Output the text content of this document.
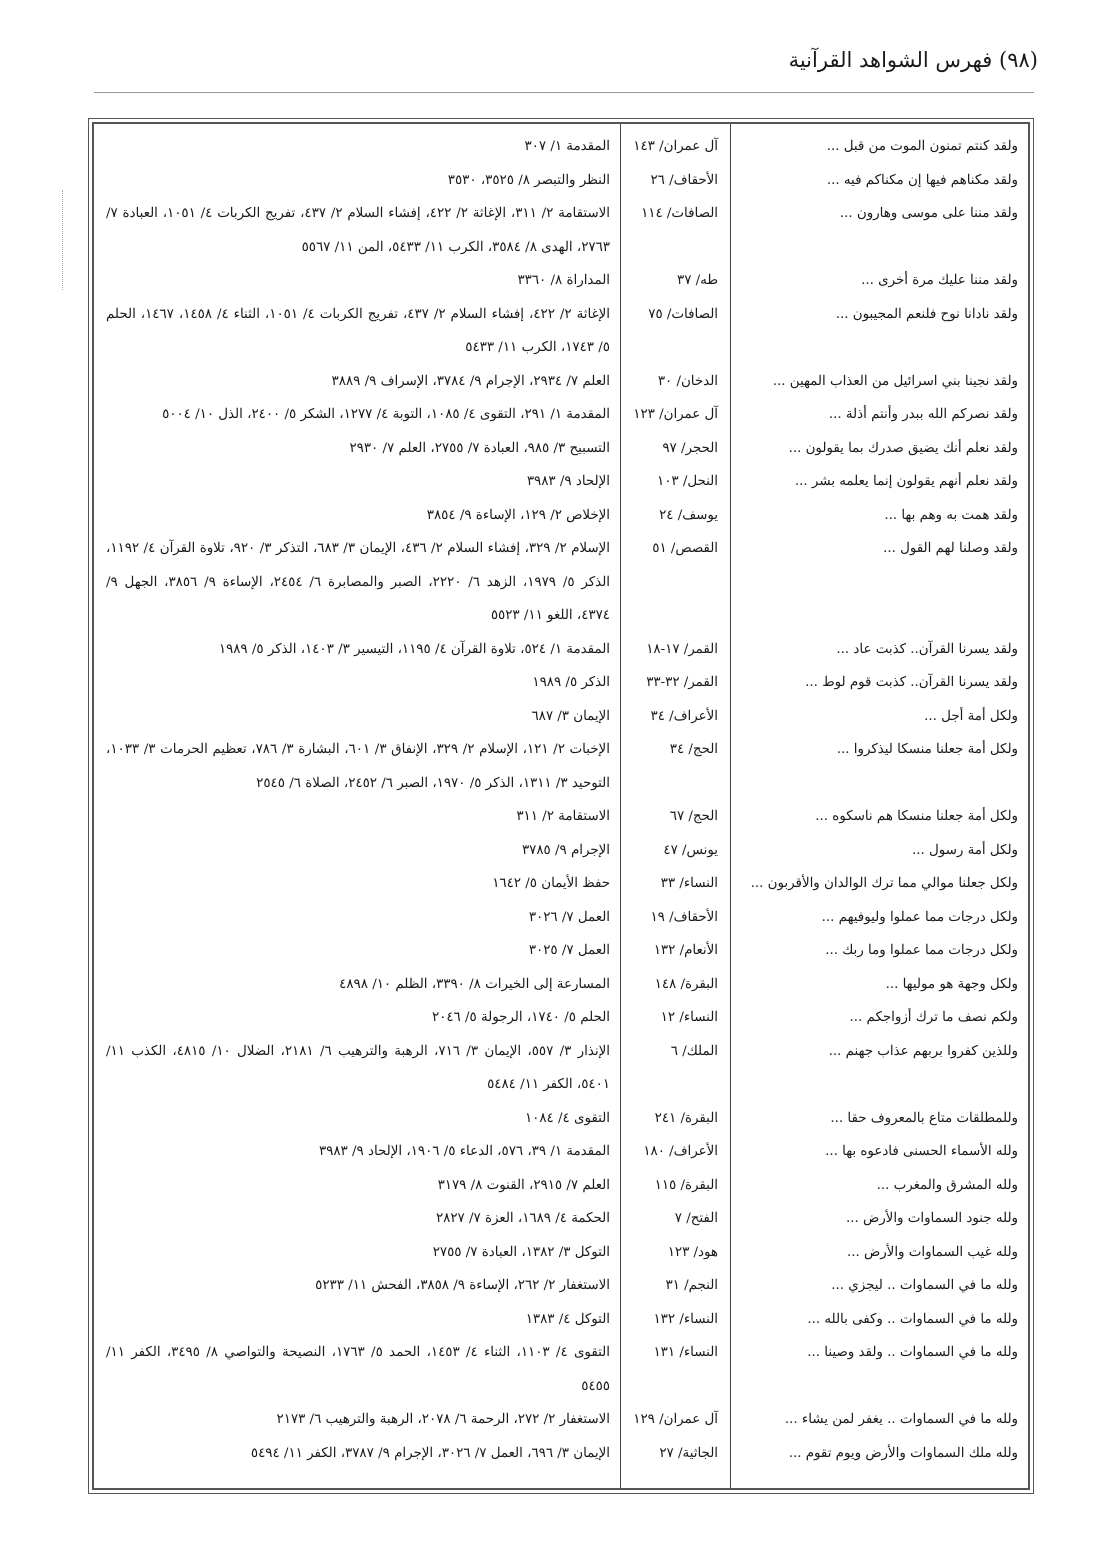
(٩٨) فهرس الشواهد القرآنية
ولقد كنتم تمنون الموت من قبل ...
آل عمران/ ١٤٣
المقدمة ١/ ٣٠٧
ولقد مكناهم فيها إن مكناكم فيه ...
الأحقاف/ ٢٦
النظر والتبصر ٨/ ٣٥٢٥، ٣٥٣٠
ولقد مننا على موسى وهارون ...
الصافات/ ١١٤
الاستقامة ٢/ ٣١١، الإغاثة ٢/ ٤٢٢، إفشاء السلام ٢/ ٤٣٧، تفريج الكربات ٤/ ١٠٥١، العبادة ٧/ ٢٧٦٣، الهدى ٨/ ٣٥٨٤، الكرب ١١/ ٥٤٣٣، المن ١١/ ٥٥٦٧
ولقد مننا عليك مرة أخرى ...
طه/ ٣٧
المداراة ٨/ ٣٣٦٠
ولقد نادانا نوح فلنعم المجيبون ...
الصافات/ ٧٥
الإغاثة ٢/ ٤٢٢، إفشاء السلام ٢/ ٤٣٧، تفريج الكربات ٤/ ١٠٥١، الثناء ٤/ ١٤٥٨، ١٤٦٧، الحلم ٥/ ١٧٤٣، الكرب ١١/ ٥٤٣٣
ولقد نجينا بني اسرائيل من العذاب المهين ...
الدخان/ ٣٠
العلم ٧/ ٢٩٣٤، الإجرام ٩/ ٣٧٨٤، الإسراف ٩/ ٣٨٨٩
ولقد نصركم الله ببدر وأنتم أذلة ...
آل عمران/ ١٢٣
المقدمة ١/ ٢٩١، التقوى ٤/ ١٠٨٥، التوبة ٤/ ١٢٧٧، الشكر ٥/ ٢٤٠٠، الذل ١٠/ ٥٠٠٤
ولقد نعلم أنك يضيق صدرك بما يقولون ...
الحجر/ ٩٧
التسبيح ٣/ ٩٨٥، العبادة ٧/ ٢٧٥٥، العلم ٧/ ٢٩٣٠
ولقد نعلم أنهم يقولون إنما يعلمه بشر ...
النحل/ ١٠٣
الإلحاد ٩/ ٣٩٨٣
ولقد همت به وهم بها ...
يوسف/ ٢٤
الإخلاص ٢/ ١٢٩، الإساءة ٩/ ٣٨٥٤
ولقد وصلنا لهم القول ...
القصص/ ٥١
الإسلام ٢/ ٣٢٩، إفشاء السلام ٢/ ٤٣٦، الإيمان ٣/ ٦٨٣، التذكر ٣/ ٩٢٠، تلاوة القرآن ٤/ ١١٩٢، الذكر ٥/ ١٩٧٩، الزهد ٦/ ٢٢٢٠، الصبر والمصابرة ٦/ ٢٤٥٤، الإساءة ٩/ ٣٨٥٦، الجهل ٩/ ٤٣٧٤، اللغو ١١/ ٥٥٢٣
ولقد يسرنا القرآن.. كذبت عاد ...
القمر/ ١٧-١٨
المقدمة ١/ ٥٢٤، تلاوة القرآن ٤/ ١١٩٥، التيسير ٣/ ١٤٠٣، الذكر ٥/ ١٩٨٩
ولقد يسرنا القرآن.. كذبت قوم لوط ...
القمر/ ٣٢-٣٣
الذكر ٥/ ١٩٨٩
ولكل أمة أجل ...
الأعراف/ ٣٤
الإيمان ٣/ ٦٨٧
ولكل أمة جعلنا منسكا ليذكروا ...
الحج/ ٣٤
الإخبات ٢/ ١٢١، الإسلام ٢/ ٣٢٩، الإنفاق ٣/ ٦٠١، البشارة ٣/ ٧٨٦، تعظيم الحرمات ٣/ ١٠٣٣، التوحيد ٣/ ١٣١١، الذكر ٥/ ١٩٧٠، الصبر ٦/ ٢٤٥٢، الصلاة ٦/ ٢٥٤٥
ولكل أمة جعلنا منسكا هم ناسكوه ...
الحج/ ٦٧
الاستقامة ٢/ ٣١١
ولكل أمة رسول ...
يونس/ ٤٧
الإجرام ٩/ ٣٧٨٥
ولكل جعلنا موالي مما ترك الوالدان والأقربون ...
النساء/ ٣٣
حفظ الأيمان ٥/ ١٦٤٢
ولكل درجات مما عملوا وليوفيهم ...
الأحقاف/ ١٩
العمل ٧/ ٣٠٢٦
ولكل درجات مما عملوا وما ربك ...
الأنعام/ ١٣٢
العمل ٧/ ٣٠٢٥
ولكل وجهة هو موليها ...
البقرة/ ١٤٨
المسارعة إلى الخيرات ٨/ ٣٣٩٠، الظلم ١٠/ ٤٨٩٨
ولكم نصف ما ترك أزواجكم ...
النساء/ ١٢
الحلم ٥/ ١٧٤٠، الرجولة ٥/ ٢٠٤٦
وللذين كفروا بربهم عذاب جهنم ...
الملك/ ٦
الإنذار ٣/ ٥٥٧، الإيمان ٣/ ٧١٦، الرهبة والترهيب ٦/ ٢١٨١، الضلال ١٠/ ٤٨١٥، الكذب ١١/ ٥٤٠١، الكفر ١١/ ٥٤٨٤
وللمطلقات متاع بالمعروف حقا ...
البقرة/ ٢٤١
التقوى ٤/ ١٠٨٤
ولله الأسماء الحسنى فادعوه بها ...
الأعراف/ ١٨٠
المقدمة ١/ ٣٩، ٥٧٦، الدعاء ٥/ ١٩٠٦، الإلحاد ٩/ ٣٩٨٣
ولله المشرق والمغرب ...
البقرة/ ١١٥
العلم ٧/ ٢٩١٥، القنوت ٨/ ٣١٧٩
ولله جنود السماوات والأرض ...
الفتح/ ٧
الحكمة ٤/ ١٦٨٩، العزة ٧/ ٢٨٢٧
ولله غيب السماوات والأرض ...
هود/ ١٢٣
التوكل ٣/ ١٣٨٢، العبادة ٧/ ٢٧٥٥
ولله ما في السماوات .. ليجزي ...
النجم/ ٣١
الاستغفار ٢/ ٢٦٢، الإساءة ٩/ ٣٨٥٨، الفحش ١١/ ٥٢٣٣
ولله ما في السماوات .. وكفى بالله ...
النساء/ ١٣٢
التوكل ٤/ ١٣٨٣
ولله ما في السماوات .. ولقد وصينا ...
النساء/ ١٣١
التقوى ٤/ ١١٠٣، الثناء ٤/ ١٤٥٣، الحمد ٥/ ١٧٦٣، النصيحة والتواصي ٨/ ٣٤٩٥، الكفر ١١/ ٥٤٥٥
ولله ما في السماوات .. يغفر لمن يشاء ...
آل عمران/ ١٢٩
الاستغفار ٢/ ٢٧٢، الرحمة ٦/ ٢٠٧٨، الرهبة والترهيب ٦/ ٢١٧٣
ولله ملك السماوات والأرض ويوم تقوم ...
الجاثية/ ٢٧
الإيمان ٣/ ٦٩٦، العمل ٧/ ٣٠٢٦، الإجرام ٩/ ٣٧٨٧، الكفر ١١/ ٥٤٩٤
